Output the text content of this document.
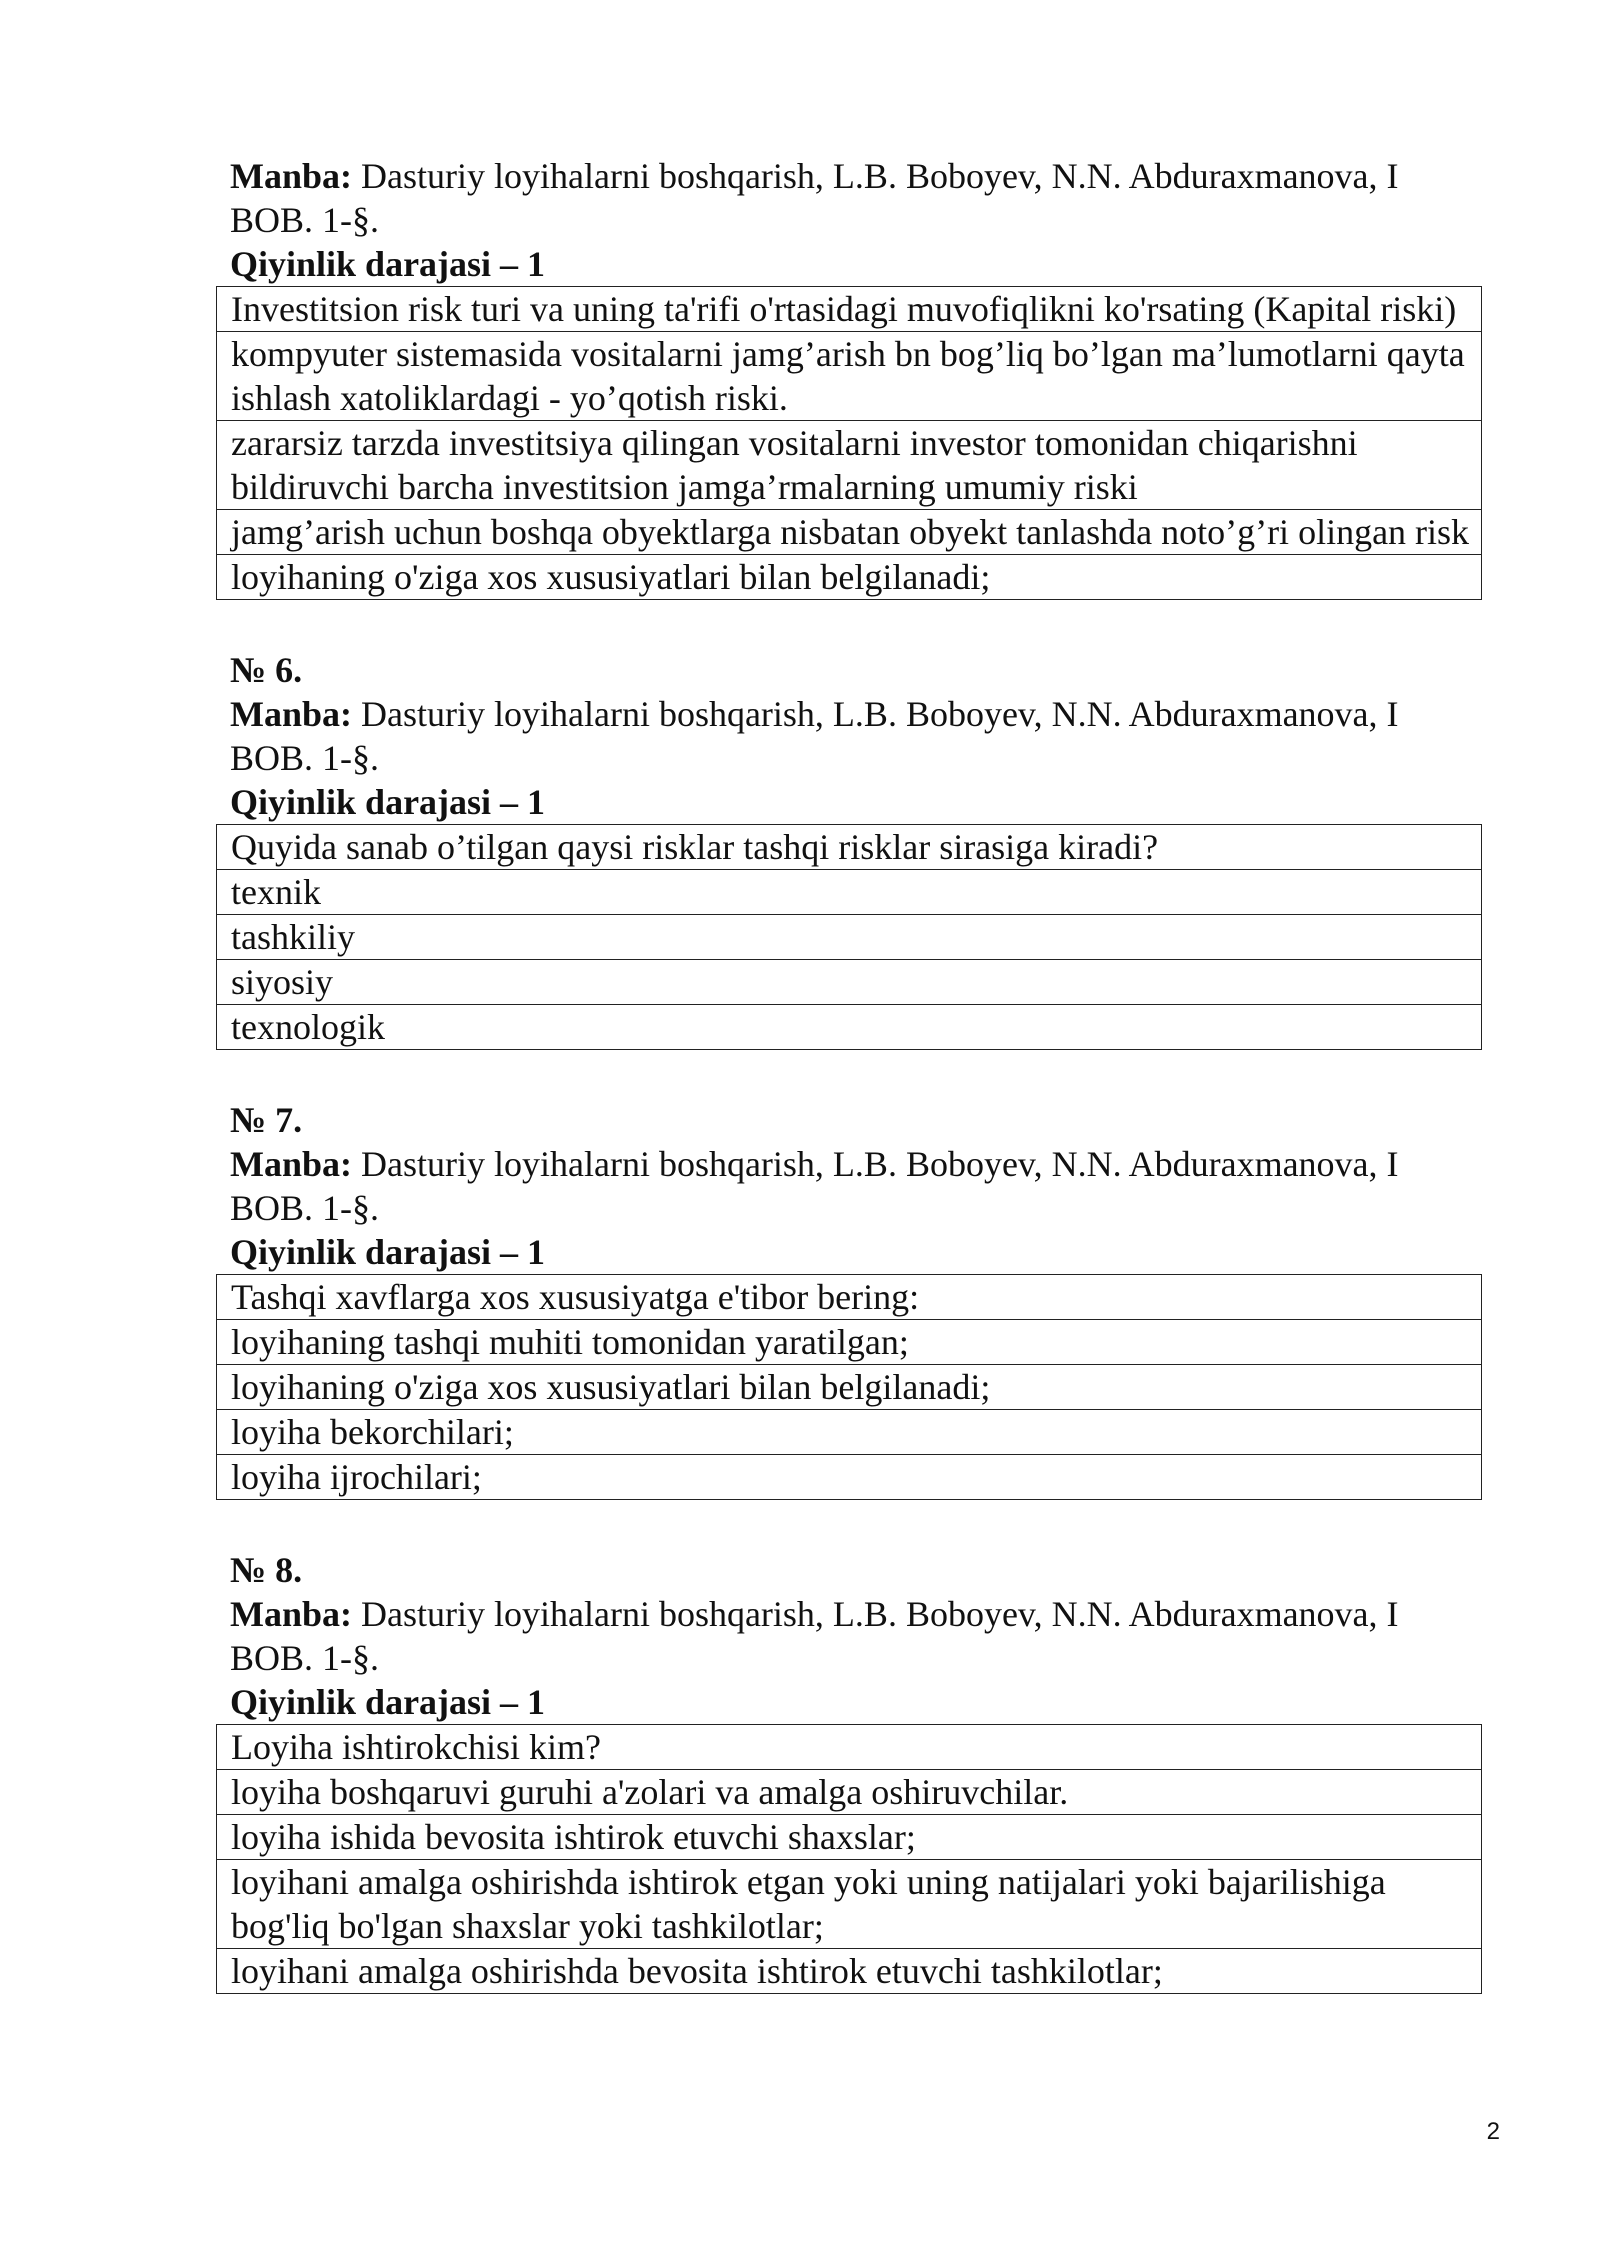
Manba: Dasturiy loyihalarni boshqarish, L.B. Boboyev, N.N. Abduraxmanova, I BOB. 1-§.

Qiyinlik darajasi – 1

Investitsion risk turi va uning ta'rifi o'rtasidagi muvofiqlikni ko'rsating (Kapital riski)
kompyuter sistemasida vositalarni jamg’arish bn bog’liq bo’lgan ma’lumotlarni qayta ishlash xatoliklardagi - yo’qotish riski.
zararsiz tarzda investitsiya qilingan vositalarni investor tomonidan chiqarishni bildiruvchi barcha investitsion jamga’rmalarning umumiy riski
jamg’arish uchun boshqa obyektlarga nisbatan obyekt tanlashda noto’g’ri olingan risk
loyihaning o'ziga xos xususiyatlari bilan belgilanadi;

№ 6.

Manba: Dasturiy loyihalarni boshqarish, L.B. Boboyev, N.N. Abduraxmanova, I BOB. 1-§.

Qiyinlik darajasi – 1

Quyida sanab o’tilgan qaysi risklar tashqi risklar sirasiga kiradi?
texnik
tashkiliy
siyosiy
texnologik

№ 7.

Manba: Dasturiy loyihalarni boshqarish, L.B. Boboyev, N.N. Abduraxmanova, I BOB. 1-§.

Qiyinlik darajasi – 1

Tashqi xavflarga xos xususiyatga e'tibor bering:
loyihaning tashqi muhiti tomonidan yaratilgan;
loyihaning o'ziga xos xususiyatlari bilan belgilanadi;
loyiha bekorchilari;
loyiha ijrochilari;

№ 8.

Manba: Dasturiy loyihalarni boshqarish, L.B. Boboyev, N.N. Abduraxmanova, I BOB. 1-§.

Qiyinlik darajasi – 1

Loyiha ishtirokchisi kim?
loyiha boshqaruvi guruhi a'zolari va amalga oshiruvchilar.
loyiha ishida bevosita ishtirok etuvchi shaxslar;
loyihani amalga oshirishda ishtirok etgan yoki uning natijalari yoki bajarilishiga bog'liq bo'lgan shaxslar yoki tashkilotlar;
loyihani amalga oshirishda bevosita ishtirok etuvchi tashkilotlar;
2
